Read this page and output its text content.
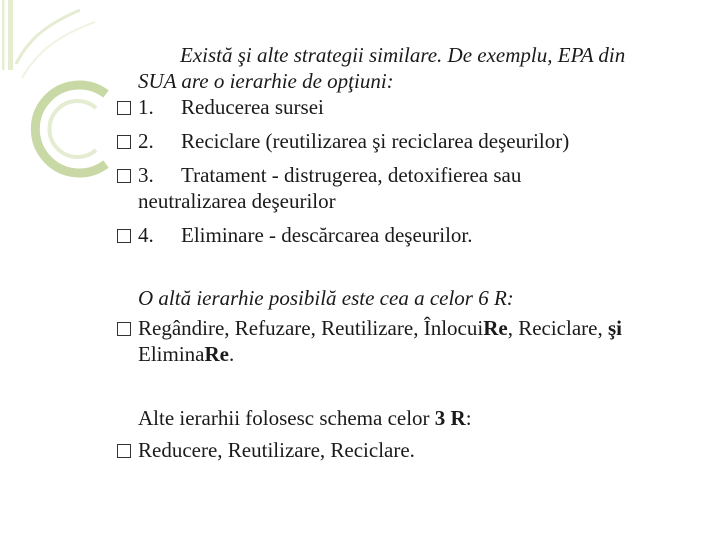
Există şi alte strategii similare. De exemplu, EPA din
SUA are o ierarhie de opţiuni:
1. Reducerea sursei
2. Reciclare (reutilizarea şi reciclarea deşeurilor)
3. Tratament - distrugerea, detoxifierea sau
neutralizarea deşeurilor
4. Eliminare - descărcarea deşeurilor.
O altă ierarhie posibilă este cea a celor 6 R:
Regândire, Refuzare, Reutilizare, ÎnlocuiRe, Reciclare, şi
EliminaRe.
Alte ierarhii folosesc schema celor 3 R:
Reducere, Reutilizare, Reciclare.
